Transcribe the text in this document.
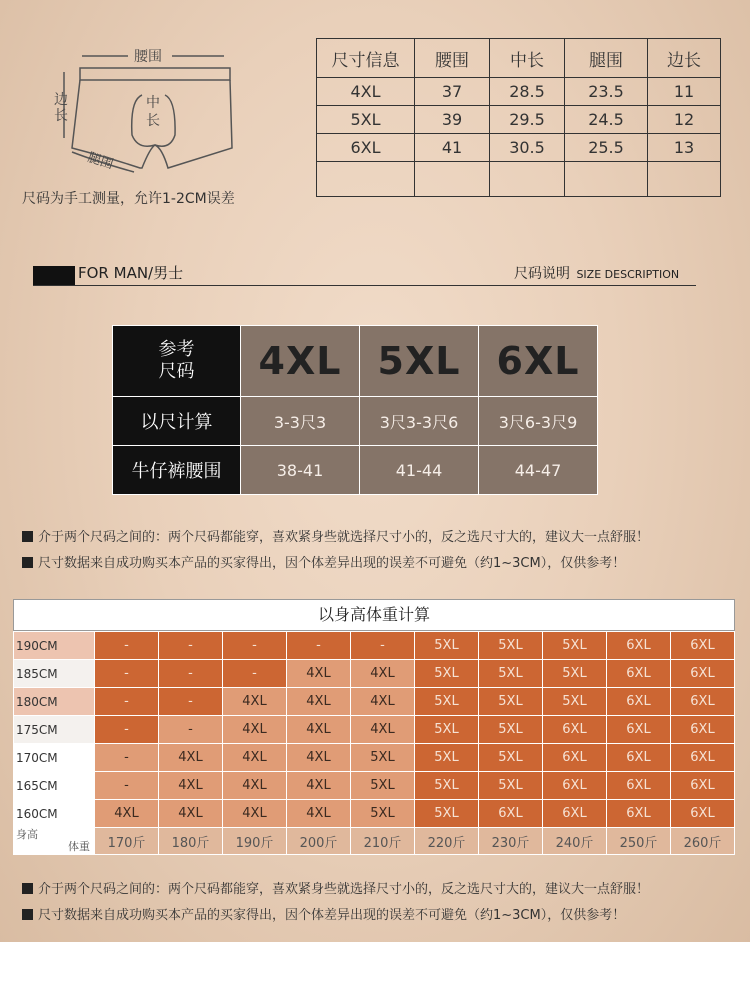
腰围
边长
中长
腿围
尺码为手工测量，允许1-2CM误差
尺寸信息	腰围	中长	腿围	边长
4XL	37	28.5	23.5	11
5XL	39	29.5	24.5	12
6XL	41	30.5	25.5	13

FOR MAN/男士	尺码说明 SIZE DESCRIPTION
参考
尺码	4XL	5XL	6XL
以尺计算	3-3尺3	3尺3-3尺6	3尺6-3尺9
牛仔裤腰围	38-41	41-44	44-47
介于两个尺码之间的：两个尺码都能穿，喜欢紧身些就选择尺寸小的，反之选尺寸大的，建议大一点舒服！
尺寸数据来自成功购买本产品的买家得出，因个体差异出现的误差不可避免（约1~3CM），仅供参考！
以身高体重计算
190CM	-	-	-	-	-	5XL	5XL	5XL	6XL	6XL
185CM	-	-	-	4XL	4XL	5XL	5XL	5XL	6XL	6XL
180CM	-	-	4XL	4XL	4XL	5XL	5XL	5XL	6XL	6XL
175CM	-	-	4XL	4XL	4XL	5XL	5XL	6XL	6XL	6XL
170CM	-	4XL	4XL	4XL	5XL	5XL	5XL	6XL	6XL	6XL
165CM	-	4XL	4XL	4XL	5XL	5XL	5XL	6XL	6XL	6XL
160CM	4XL	4XL	4XL	4XL	5XL	5XL	6XL	6XL	6XL	6XL

身高
体重	170斤	180斤	190斤	200斤	210斤	220斤	230斤	240斤	250斤	260斤
介于两个尺码之间的：两个尺码都能穿，喜欢紧身些就选择尺寸小的，反之选尺寸大的，建议大一点舒服！
尺寸数据来自成功购买本产品的买家得出，因个体差异出现的误差不可避免（约1~3CM），仅供参考！
